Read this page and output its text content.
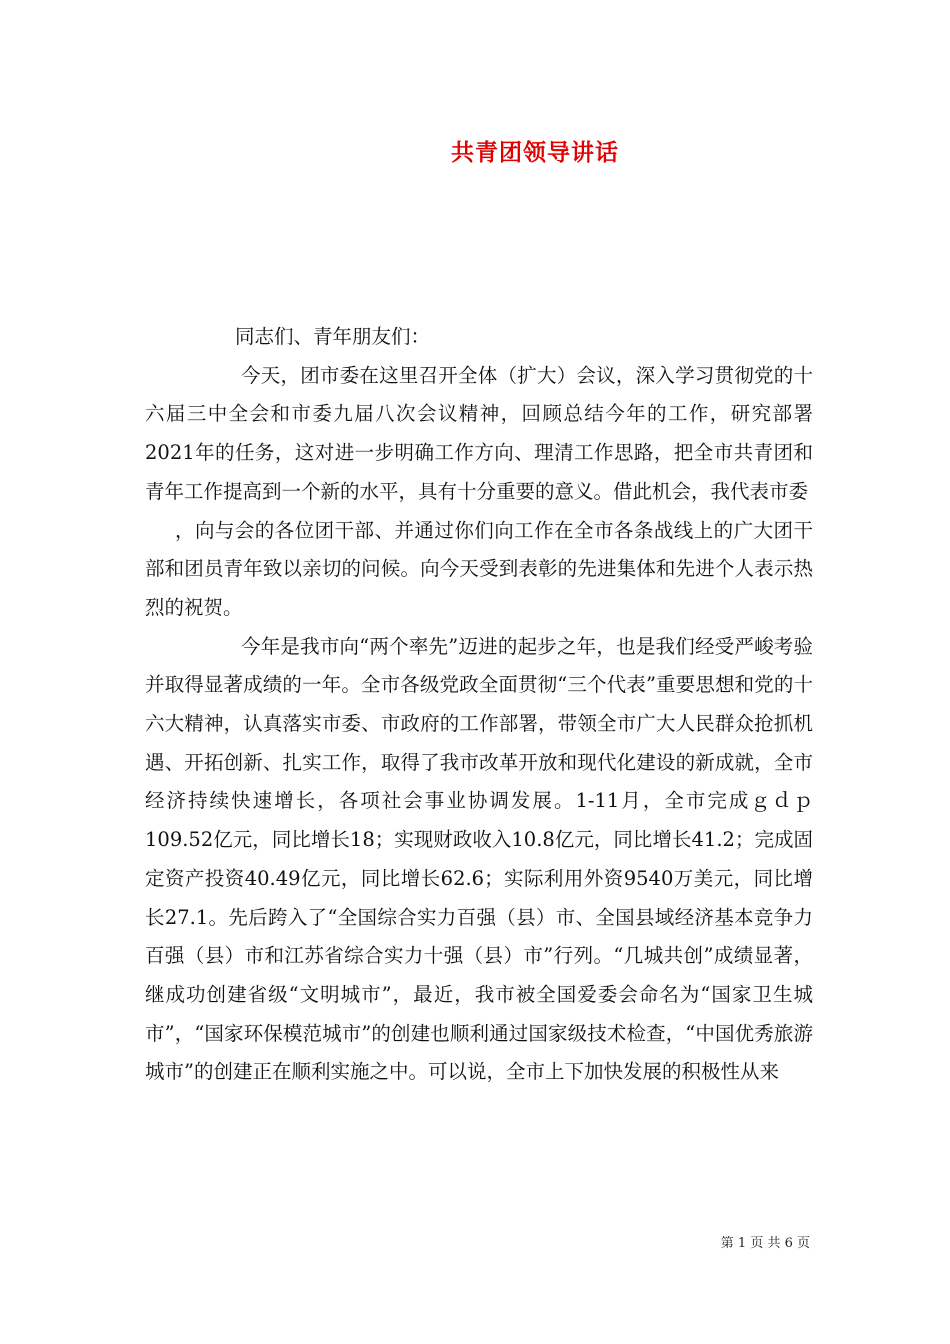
共青团领导讲话

同志们、青年朋友们：

今天，团市委在这里召开全体（扩大）会议，深入学习贯彻党的十六届三中全会和市委九届八次会议精神，回顾总结今年的工作，研究部署2021年的任务，这对进一步明确工作方向、理清工作思路，把全市共青团和青年工作提高到一个新的水平，具有十分重要的意义。借此机会，我代表市委

，向与会的各位团干部、并通过你们向工作在全市各条战线上的广大团干部和团员青年致以亲切的问候。向今天受到表彰的先进集体和先进个人表示热烈的祝贺。

今年是我市向“两个率先”迈进的起步之年，也是我们经受严峻考验并取得显著成绩的一年。全市各级党政全面贯彻“三个代表”重要思想和党的十六大精神，认真落实市委、市政府的工作部署，带领全市广大人民群众抢抓机遇、开拓创新、扎实工作，取得了我市改革开放和现代化建设的新成就，全市经济持续快速增长，各项社会事业协调发展。1-11月，全市完成ｇｄｐ109.52亿元，同比增长18；实现财政收入10.8亿元，同比增长41.2；完成固定资产投资40.49亿元，同比增长62.6；实际利用外资9540万美元，同比增长27.1。先后跨入了“全国综合实力百强（县）市、全国县域经济基本竞争力百强（县）市和江苏省综合实力十强（县）市”行列。“几城共创”成绩显著，继成功创建省级“文明城市”，最近，我市被全国爱委会命名为“国家卫生城市”，“国家环保模范城市”的创建也顺利通过国家级技术检查，“中国优秀旅游城市”的创建正在顺利实施之中。可以说，全市上下加快发展的积极性从来

第 1 页 共 6 页
